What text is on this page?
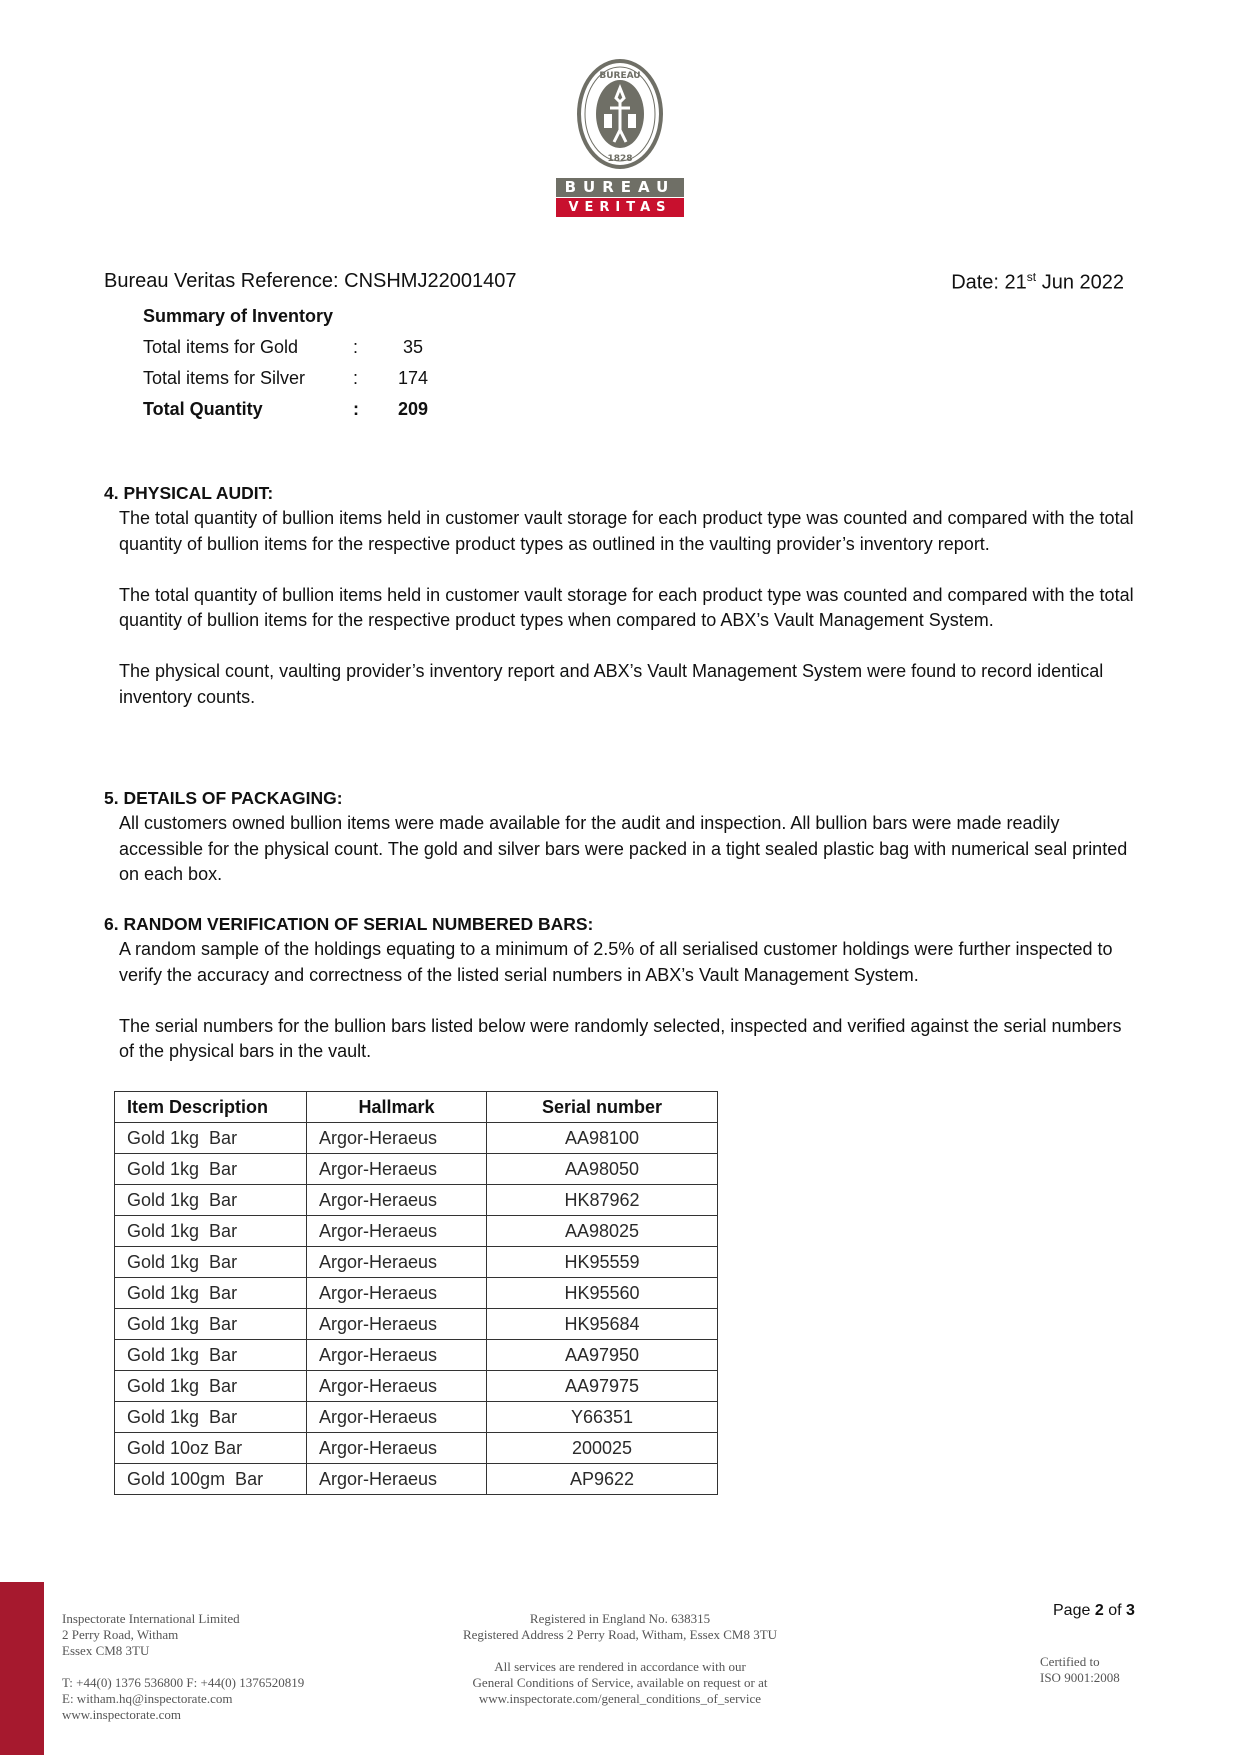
BUREAU
1828
BUREAU
VERITAS
Bureau Veritas Reference: CNSHMJ22001407	Date: 21st Jun 2022
Summary of Inventory
Total items for Gold	:	35
Total items for Silver	:	174
Total Quantity	:	209
4. PHYSICAL AUDIT:

The total quantity of bullion items held in customer vault storage for each product type was counted and compared with the total quantity of bullion items for the respective product types as outlined in the vaulting provider’s inventory report.

The total quantity of bullion items held in customer vault storage for each product type was counted and compared with the total quantity of bullion items for the respective product types when compared to ABX’s Vault Management System.

The physical count, vaulting provider’s inventory report and ABX’s Vault Management System were found to record identical inventory counts.

5. DETAILS OF PACKAGING:

All customers owned bullion items were made available for the audit and inspection. All bullion bars were made readily accessible for the physical count. The gold and silver bars were packed in a tight sealed plastic bag with numerical seal printed on each box.

6. RANDOM VERIFICATION OF SERIAL NUMBERED BARS:

A random sample of the holdings equating to a minimum of 2.5% of all serialised customer holdings were further inspected to verify the accuracy and correctness of the listed serial numbers in ABX’s Vault Management System.

The serial numbers for the bullion bars listed below were randomly selected, inspected and verified against the serial numbers of the physical bars in the vault.

Item Description	Hallmark	Serial number
Gold 1kg  Bar	Argor-Heraeus	AA98100
Gold 1kg  Bar	Argor-Heraeus	AA98050
Gold 1kg  Bar	Argor-Heraeus	HK87962
Gold 1kg  Bar	Argor-Heraeus	AA98025
Gold 1kg  Bar	Argor-Heraeus	HK95559
Gold 1kg  Bar	Argor-Heraeus	HK95560
Gold 1kg  Bar	Argor-Heraeus	HK95684
Gold 1kg  Bar	Argor-Heraeus	AA97950
Gold 1kg  Bar	Argor-Heraeus	AA97975
Gold 1kg  Bar	Argor-Heraeus	Y66351
Gold 10oz Bar	Argor-Heraeus	200025
Gold 100gm  Bar	Argor-Heraeus	AP9622
Inspectorate International Limited
2 Perry Road, Witham
Essex CM8 3TU
T: +44(0) 1376 536800 F: +44(0) 1376520819
E: witham.hq@inspectorate.com
www.inspectorate.com
Registered in England No. 638315
Registered Address 2 Perry Road, Witham, Essex CM8 3TU
All services are rendered in accordance with our
General Conditions of Service, available on request or at
www.inspectorate.com/general_conditions_of_service
Page 2 of 3
Certified to
ISO 9001:2008
